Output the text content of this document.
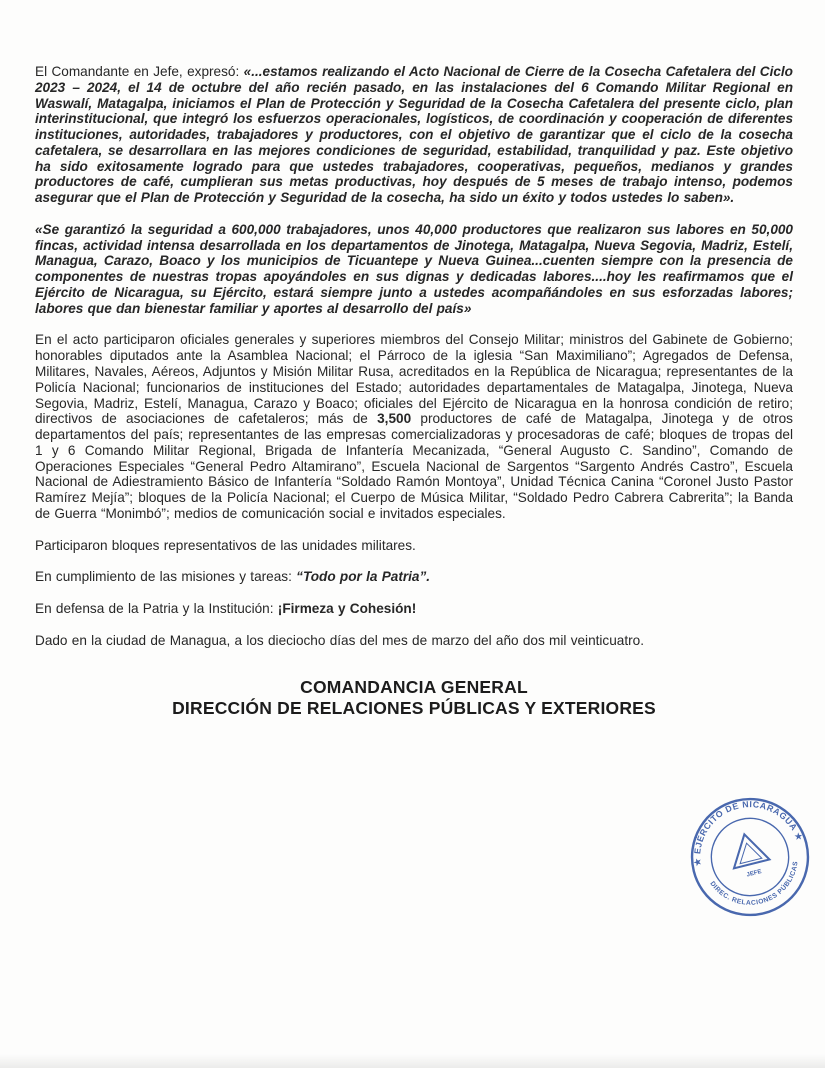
El Comandante en Jefe, expresó: «...estamos realizando el Acto Nacional de Cierre de la Cosecha Cafetalera del Ciclo 2023 – 2024, el 14 de octubre del año recién pasado, en las instalaciones del 6 Comando Militar Regional en Waswalí, Matagalpa, iniciamos el Plan de Protección y Seguridad de la Cosecha Cafetalera del presente ciclo, plan interinstitucional, que integró los esfuerzos operacionales, logísticos, de coordinación y cooperación de diferentes instituciones, autoridades, trabajadores y productores, con el objetivo de garantizar que el ciclo de la cosecha cafetalera, se desarrollara en las mejores condiciones de seguridad, estabilidad, tranquilidad y paz. Este objetivo ha sido exitosamente logrado para que ustedes trabajadores, cooperativas, pequeños, medianos y grandes productores de café, cumplieran sus metas productivas, hoy después de 5 meses de trabajo intenso, podemos asegurar que el Plan de Protección y Seguridad de la cosecha, ha sido un éxito y todos ustedes lo saben».

«Se garantizó la seguridad a 600,000 trabajadores, unos 40,000 productores que realizaron sus labores en 50,000 fincas, actividad intensa desarrollada en los departamentos de Jinotega, Matagalpa, Nueva Segovia, Madriz, Estelí, Managua, Carazo, Boaco y los municipios de Ticuantepe y Nueva Guinea...cuenten siempre con la presencia de componentes de nuestras tropas apoyándoles en sus dignas y dedicadas labores....hoy les reafirmamos que el Ejército de Nicaragua, su Ejército, estará siempre junto a ustedes acompañándoles en sus esforzadas labores; labores que dan bienestar familiar y aportes al desarrollo del país»

En el acto participaron oficiales generales y superiores miembros del Consejo Militar; ministros del Gabinete de Gobierno; honorables diputados ante la Asamblea Nacional; el Párroco de la iglesia “San Maximiliano”; Agregados de Defensa, Militares, Navales, Aéreos, Adjuntos y Misión Militar Rusa, acreditados en la República de Nicaragua; representantes de la Policía Nacional; funcionarios de instituciones del Estado; autoridades departamentales de Matagalpa, Jinotega, Nueva Segovia, Madriz, Estelí, Managua, Carazo y Boaco; oficiales del Ejército de Nicaragua en la honrosa condición de retiro; directivos de asociaciones de cafetaleros; más de 3,500 productores de café de Matagalpa, Jinotega y de otros departamentos del país; representantes de las empresas comercializadoras y procesadoras de café; bloques de tropas del 1 y 6 Comando Militar Regional, Brigada de Infantería Mecanizada, “General Augusto C. Sandino”, Comando de Operaciones Especiales “General Pedro Altamirano”, Escuela Nacional de Sargentos “Sargento Andrés Castro”, Escuela Nacional de Adiestramiento Básico de Infantería “Soldado Ramón Montoya”, Unidad Técnica Canina “Coronel Justo Pastor Ramírez Mejía”; bloques de la Policía Nacional; el Cuerpo de Música Militar, “Soldado Pedro Cabrera Cabrerita”; la Banda de Guerra “Monimbó”; medios de comunicación social e invitados especiales.

Participaron bloques representativos de las unidades militares.

En cumplimiento de las misiones y tareas: “Todo por la Patria”.

En defensa de la Patria y la Institución: ¡Firmeza y Cohesión!

Dado en la ciudad de Managua, a los dieciocho días del mes de marzo del año dos mil veinticuatro.

COMANDANCIA GENERAL
DIRECCIÓN DE RELACIONES PÚBLICAS Y EXTERIORES
★ EJÉRCITO DE NICARAGUA ★
DIREC. RELACIONES PÚBLICAS
JEFE
